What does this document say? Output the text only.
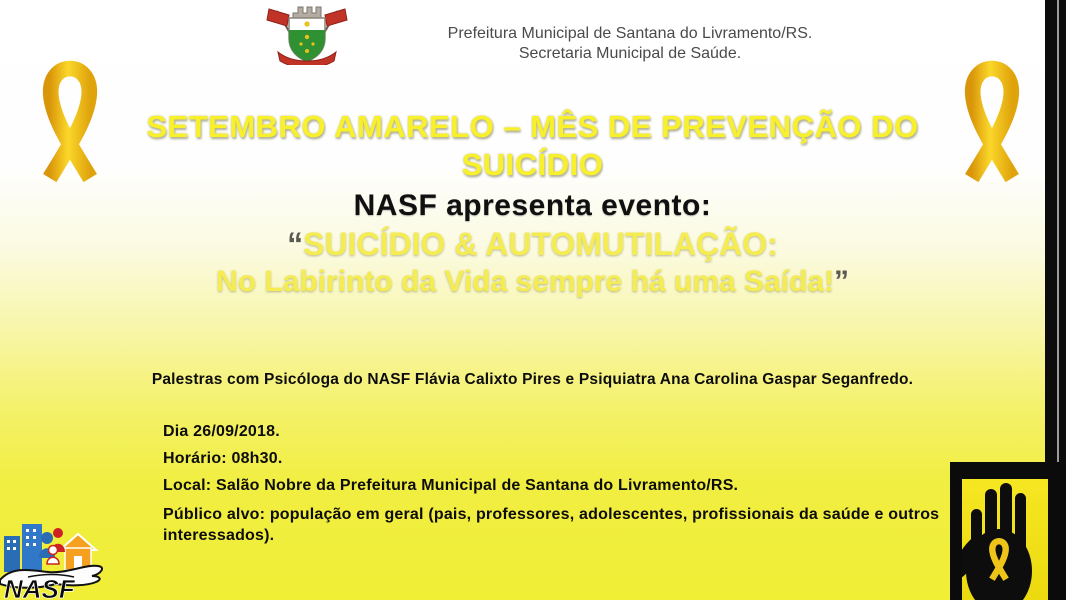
Prefeitura Municipal de Santana do Livramento/RS.
Secretaria Municipal de Saúde.
SETEMBRO AMARELO – MÊS DE PREVENÇÃO DO
SUICÍDIO
NASF apresenta evento:
“SUICÍDIO & AUTOMUTILAÇÃO:
No Labirinto da Vida sempre há uma Saída!”
Palestras com Psicóloga do NASF Flávia Calixto Pires e Psiquiatra Ana Carolina Gaspar Seganfredo.
Dia 26/09/2018.
Horário: 08h30.
Local: Salão Nobre da Prefeitura Municipal de Santana do Livramento/RS.
Público alvo: população em geral (pais, professores, adolescentes, profissionais da saúde e outros interessados).
NASF
